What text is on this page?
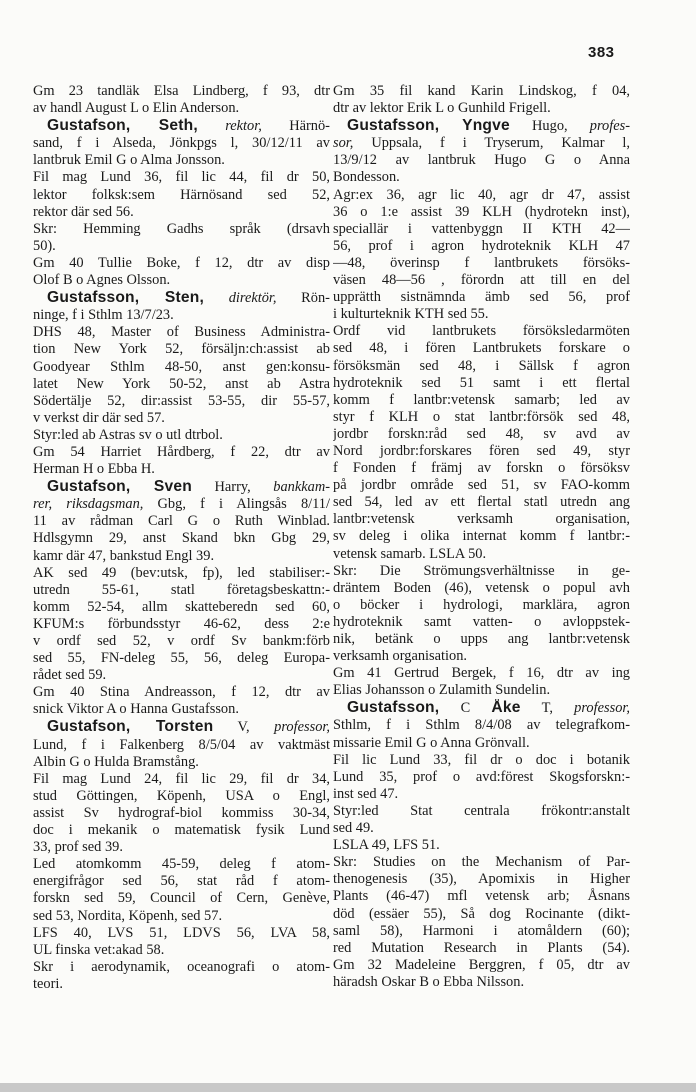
383
Gm 23 tandläk Elsa Lindberg, f 93, dtr
av handl August L o Elin Anderson.
Gustafson, Seth, rektor, Härnö-
sand, f i Alseda, Jönkpgs l, 30/12/11 av
lantbruk Emil G o Alma Jonsson.
Fil mag Lund 36, fil lic 44, fil dr 50,
lektor folksk:sem Härnösand sed 52,
rektor där sed 56.
Skr: Hemming Gadhs språk (drsavh
50).
Gm 40 Tullie Boke, f 12, dtr av disp
Olof B o Agnes Olsson.
Gustafsson, Sten, direktör, Rön-
ninge, f i Sthlm 13/7/23.
DHS 48, Master of Business Administra-
tion New York 52, försäljn:ch:assist ab
Goodyear Sthlm 48-50, anst gen:konsu-
latet New York 50-52, anst ab Astra
Södertälje 52, dir:assist 53-55, dir 55-57,
v verkst dir där sed 57.
Styr:led ab Astras sv o utl dtrbol.
Gm 54 Harriet Hårdberg, f 22, dtr av
Herman H o Ebba H.
Gustafson, Sven Harry, bankkam-
rer, riksdagsman, Gbg, f i Alingsås 8/11/
11 av rådman Carl G o Ruth Winblad.
Hdlsgymn 29, anst Skand bkn Gbg 29,
kamr där 47, bankstud Engl 39.
AK sed 49 (bev:utsk, fp), led stabiliser:-
utredn 55-61, statl företagsbeskattn:-
komm 52-54, allm skatteberedn sed 60,
KFUM:s förbundsstyr 46-62, dess 2:e
v ordf sed 52, v ordf Sv bankm:förb
sed 55, FN-deleg 55, 56, deleg Europa-
rådet sed 59.
Gm 40 Stina Andreasson, f 12, dtr av
snick Viktor A o Hanna Gustafsson.
Gustafson, Torsten V, professor,
Lund, f i Falkenberg 8/5/04 av vaktmäst
Albin G o Hulda Bramstång.
Fil mag Lund 24, fil lic 29, fil dr 34,
stud Göttingen, Köpenh, USA o Engl,
assist Sv hydrograf-biol kommiss 30-34,
doc i mekanik o matematisk fysik Lund
33, prof sed 39.
Led atomkomm 45-59, deleg f atom-
energifrågor sed 56, stat råd f atom-
forskn sed 59, Council of Cern, Genève,
sed 53, Nordita, Köpenh, sed 57.
LFS 40, LVS 51, LDVS 56, LVA 58,
UL finska vet:akad 58.
Skr i aerodynamik, oceanografi o atom-
teori.
Gm 35 fil kand Karin Lindskog, f 04,
dtr av lektor Erik L o Gunhild Frigell.
Gustafsson, Yngve Hugo, profes-
sor, Uppsala, f i Tryserum, Kalmar l,
13/9/12 av lantbruk Hugo G o Anna
Bondesson.
Agr:ex 36, agr lic 40, agr dr 47, assist
36 o 1:e assist 39 KLH (hydrotekn inst),
speciallär i vattenbyggn II KTH 42—
56, prof i agron hydroteknik KLH 47
—48, överinsp f lantbrukets försöks-
väsen 48—56 , förordn att till en del
upprätth sistnämnda ämb sed 56, prof
i kulturteknik KTH sed 55.
Ordf vid lantbrukets försöksledarmöten
sed 48, i fören Lantbrukets forskare o
försöksmän sed 48, i Sällsk f agron
hydroteknik sed 51 samt i ett flertal
komm f lantbr:vetensk samarb; led av
styr f KLH o stat lantbr:försök sed 48,
jordbr forskn:råd sed 48, sv avd av
Nord jordbr:forskares fören sed 49, styr
f Fonden f främj av forskn o försöksv
på jordbr område sed 51, sv FAO-komm
sed 54, led av ett flertal statl utredn ang
lantbr:vetensk verksamh organisation,
sv deleg i olika internat komm f lantbr:-
vetensk samarb. LSLA 50.
Skr: Die Strömungsverhältnisse in ge-
dräntem Boden (46), vetensk o popul avh
o böcker i hydrologi, marklära, agron
hydroteknik samt vatten- o avloppstek-
nik, betänk o upps ang lantbr:vetensk
verksamh organisation.
Gm 41 Gertrud Bergek, f 16, dtr av ing
Elias Johansson o Zulamith Sundelin.
Gustafsson, C Åke T, professor,
Sthlm, f i Sthlm 8/4/08 av telegrafkom-
missarie Emil G o Anna Grönvall.
Fil lic Lund 33, fil dr o doc i botanik
Lund 35, prof o avd:förest Skogsforskn:-
inst sed 47.
Styr:led Stat centrala frökontr:anstalt
sed 49.
LSLA 49, LFS 51.
Skr: Studies on the Mechanism of Par-
thenogenesis (35), Apomixis in Higher
Plants (46-47) mfl vetensk arb; Åsnans
död (essäer 55), Så dog Rocinante (dikt-
saml 58), Harmoni i atomåldern (60);
red Mutation Research in Plants (54).
Gm 32 Madeleine Berggren, f 05, dtr av
häradsh Oskar B o Ebba Nilsson.
